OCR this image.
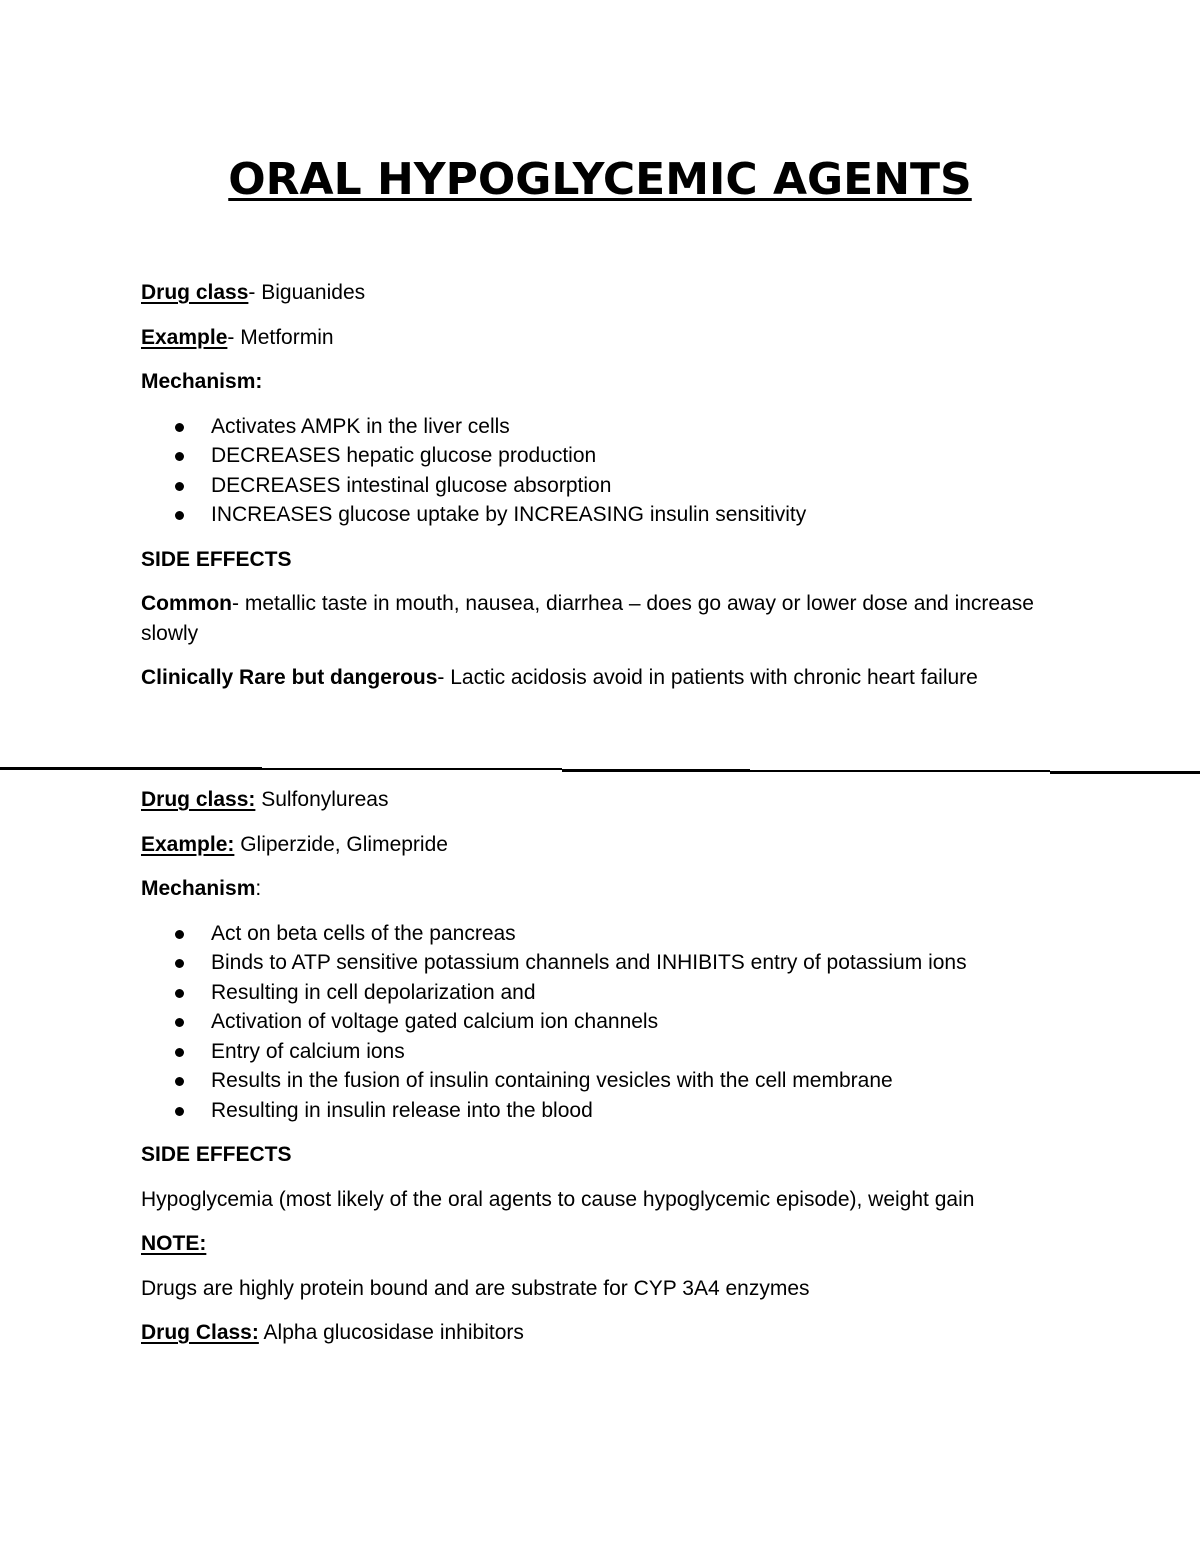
ORAL HYPOGLYCEMIC AGENTS

Drug class- Biguanides

Example- Metformin

Mechanism:

Activates AMPK in the liver cells
DECREASES hepatic glucose production
DECREASES intestinal glucose absorption
INCREASES glucose uptake by INCREASING insulin sensitivity

SIDE EFFECTS

Common- metallic taste in mouth, nausea, diarrhea – does go away or lower dose and increase slowly

Clinically Rare but dangerous- Lactic acidosis avoid in patients with chronic heart failure

Drug class: Sulfonylureas

Example: Gliperzide, Glimepride

Mechanism:

Act on beta cells of the pancreas
Binds to ATP sensitive potassium channels and INHIBITS entry of potassium ions
Resulting in cell depolarization and
Activation of voltage gated calcium ion channels
Entry of calcium ions
Results in the fusion of insulin containing vesicles with the cell membrane
Resulting in insulin release into the blood

SIDE EFFECTS

Hypoglycemia (most likely of the oral agents to cause hypoglycemic episode), weight gain

NOTE:

Drugs are highly protein bound and are substrate for CYP 3A4 enzymes

Drug Class: Alpha glucosidase inhibitors
